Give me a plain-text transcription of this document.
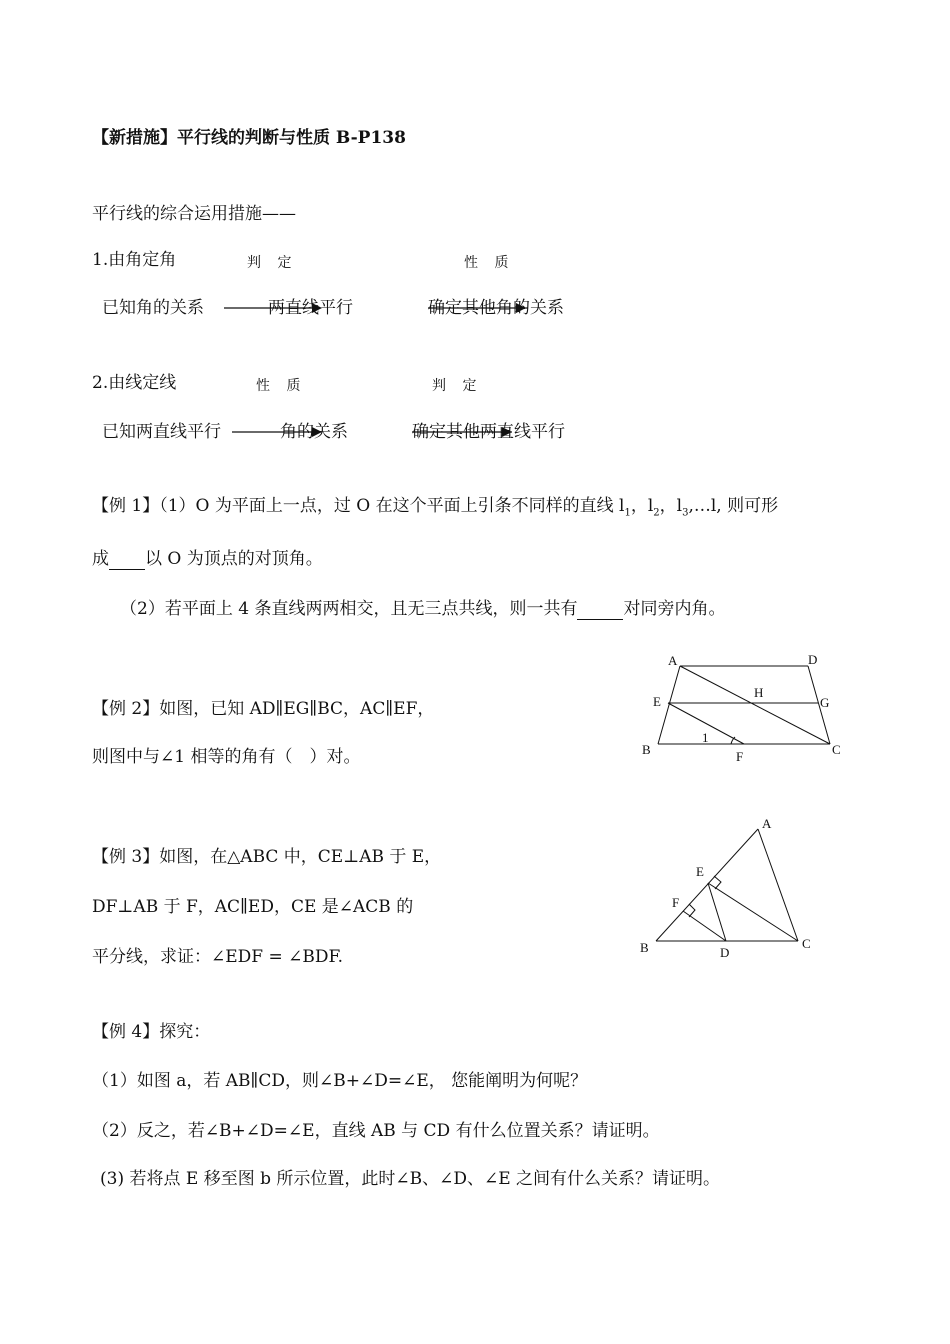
【新措施】平行线的判断与性质 B-P138
平行线的综合运用措施——
1.由角定角	判 定	性 质
已知角的关系	两直线平行	确定其他角的关系
2.由线定线	性 质	判 定
已知两直线平行	角的关系	确定其他两直线平行
【例 1】（1）O 为平面上一点，过 O 在这个平面上引条不同样的直线 $l_1$，$l_2$，$l_3,\dots l$, 则可形
成 以 O 为顶点的对顶角。
（2）若平面上 4 条直线两两相交，且无三点共线，则一共有	对同旁内角。
【例 2】如图，已知 AD∥EG∥BC，AC∥EF，
则图中与∠1 相等的角有（　）对。
A	D
E
H
G
B	F	C
1
【例 3】如图，在△ABC 中，CE⊥AB 于 E，
DF⊥AB 于 F，AC∥ED，CE 是∠ACB 的
平分线，求证：∠EDF = ∠BDF.
A
E
F
B	D
C
【例 4】探究：
（1）如图 a，若 AB∥CD，则∠B+∠D=∠E， 您能阐明为何呢？
（2）反之，若∠B+∠D=∠E，直线 AB 与 CD 有什么位置关系？请证明。
(3) 若将点 E 移至图 b 所示位置，此时∠B、∠D、∠E 之间有什么关系？请证明。
